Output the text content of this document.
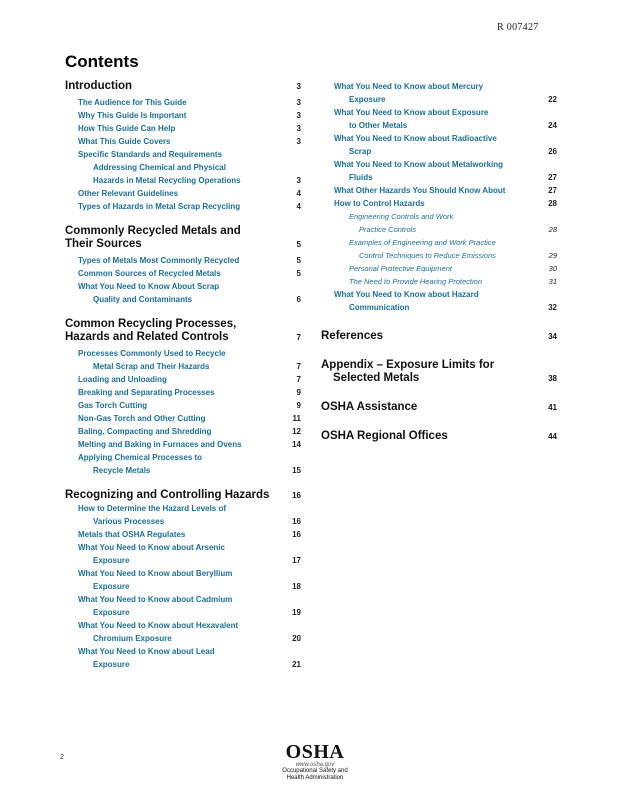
R 007427
Contents
Introduction	3
The Audience for This Guide	3
Why This Guide Is Important	3
How This Guide Can Help	3
What This Guide Covers	3
Specific Standards and Requirements
Addressing Chemical and Physical
Hazards in Metal Recycling Operations	3
Other Relevant Guidelines	4
Types of Hazards in Metal Scrap Recycling	4
Commonly Recycled Metals and
Their Sources	5
Types of Metals Most Commonly Recycled	5
Common Sources of Recycled Metals	5
What You Need to Know About Scrap
Quality and Contaminants	6
Common Recycling Processes,
Hazards and Related Controls	7
Processes Commonly Used to Recycle
Metal Scrap and Their Hazards	7
Loading and Unloading	7
Breaking and Separating Processes	9
Gas Torch Cutting	9
Non-Gas Torch and Other Cutting	11
Baling, Compacting and Shredding	12
Melting and Baking in Furnaces and Ovens	14
Applying Chemical Processes to
Recycle Metals	15
Recognizing and Controlling Hazards	16
How to Determine the Hazard Levels of
Various Processes	16
Metals that OSHA Regulates	16
What You Need to Know about Arsenic
Exposure	17
What You Need to Know about Beryllium
Exposure	18
What You Need to Know about Cadmium
Exposure	19
What You Need to Know about Hexavalent
Chromium Exposure	20
What You Need to Know about Lead
Exposure	21
What You Need to Know about Mercury
Exposure	22
What You Need to Know about Exposure
to Other Metals	24
What You Need to Know about Radioactive
Scrap	26
What You Need to Know about Metalworking
Fluids	27
What Other Hazards You Should Know About	27
How to Control Hazards	28
Engineering Controls and Work
Practice Controls	28
Examples of Engineering and Work Practice
Control Techniques to Reduce Emissions	29
Personal Protective Equipment	30
The Need to Provide Hearing Protection	31
What You Need to Know about Hazard
Communication	32
References	34
Appendix – Exposure Limits for
Selected Metals	38
OSHA Assistance	41
OSHA Regional Offices	44
2	OSHA
www.osha.gov
Occupational Safety and
Health Administration
